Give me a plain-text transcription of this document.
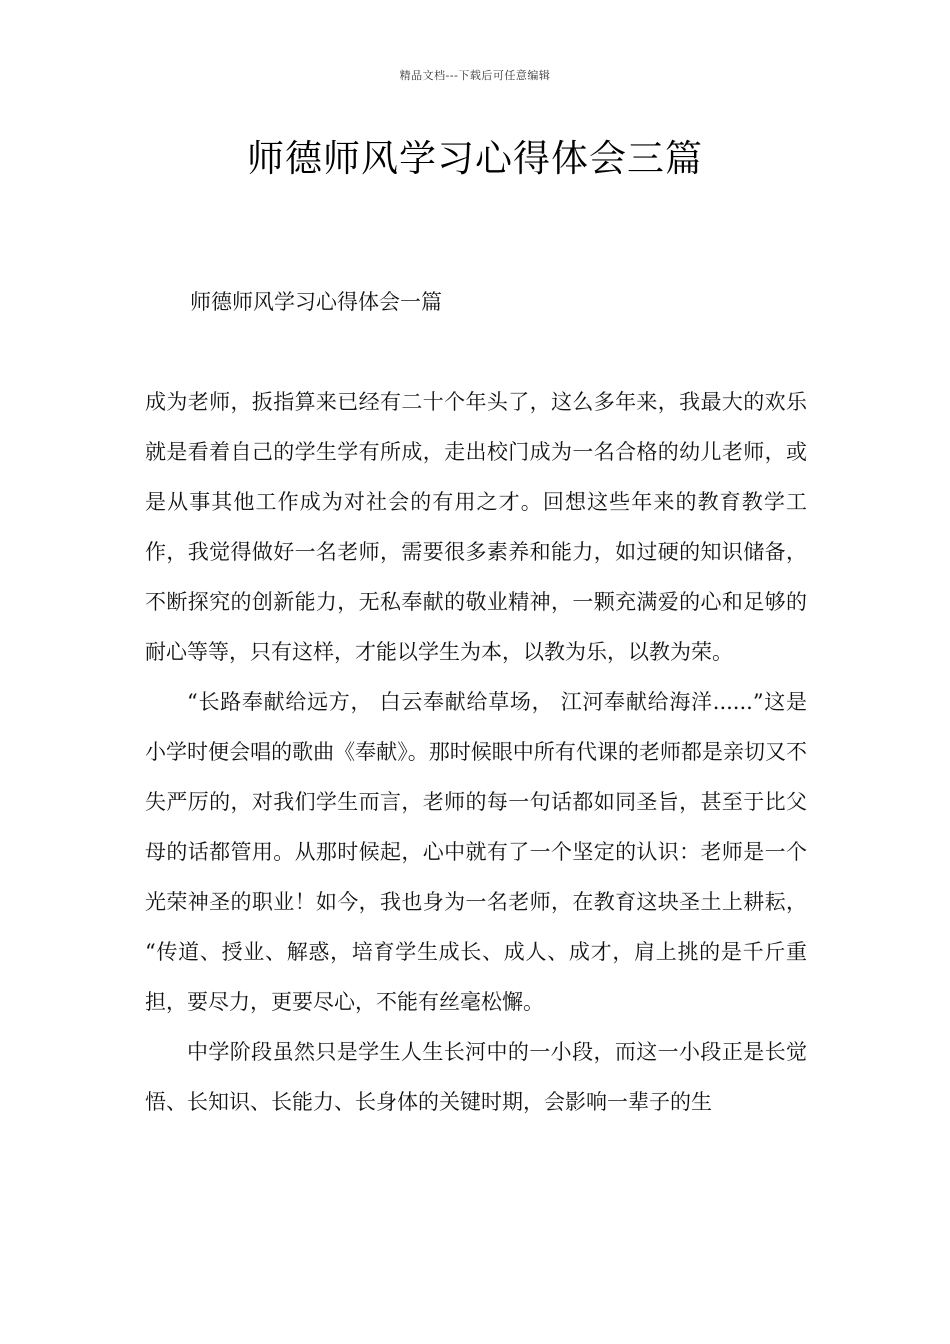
精品文档---下载后可任意编辑
师德师风学习心得体会三篇
师德师风学习心得体会一篇

成为老师，扳指算来已经有二十个年头了，这么多年来，我最大的欢乐就是看着自己的学生学有所成，走出校门成为一名合格的幼儿老师，或是从事其他工作成为对社会的有用之才。回想这些年来的教育教学工作，我觉得做好一名老师，需要很多素养和能力，如过硬的知识储备，不断探究的创新能力，无私奉献的敬业精神，一颗充满爱的心和足够的耐心等等，只有这样，才能以学生为本，以教为乐，以教为荣。

“长路奉献给远方， 白云奉献给草场， 江河奉献给海洋......”这是小学时便会唱的歌曲《奉献》。那时候眼中所有代课的老师都是亲切又不失严厉的，对我们学生而言，老师的每一句话都如同圣旨，甚至于比父母的话都管用。从那时候起，心中就有了一个坚定的认识：老师是一个光荣神圣的职业！如今，我也身为一名老师，在教育这块圣土上耕耘， “传道、授业、解惑，培育学生成长、成人、成才，肩上挑的是千斤重担，要尽力，更要尽心，不能有丝毫松懈。

中学阶段虽然只是学生人生长河中的一小段，而这一小段正是长觉悟、长知识、长能力、长身体的关键时期，会影响一辈子的生
